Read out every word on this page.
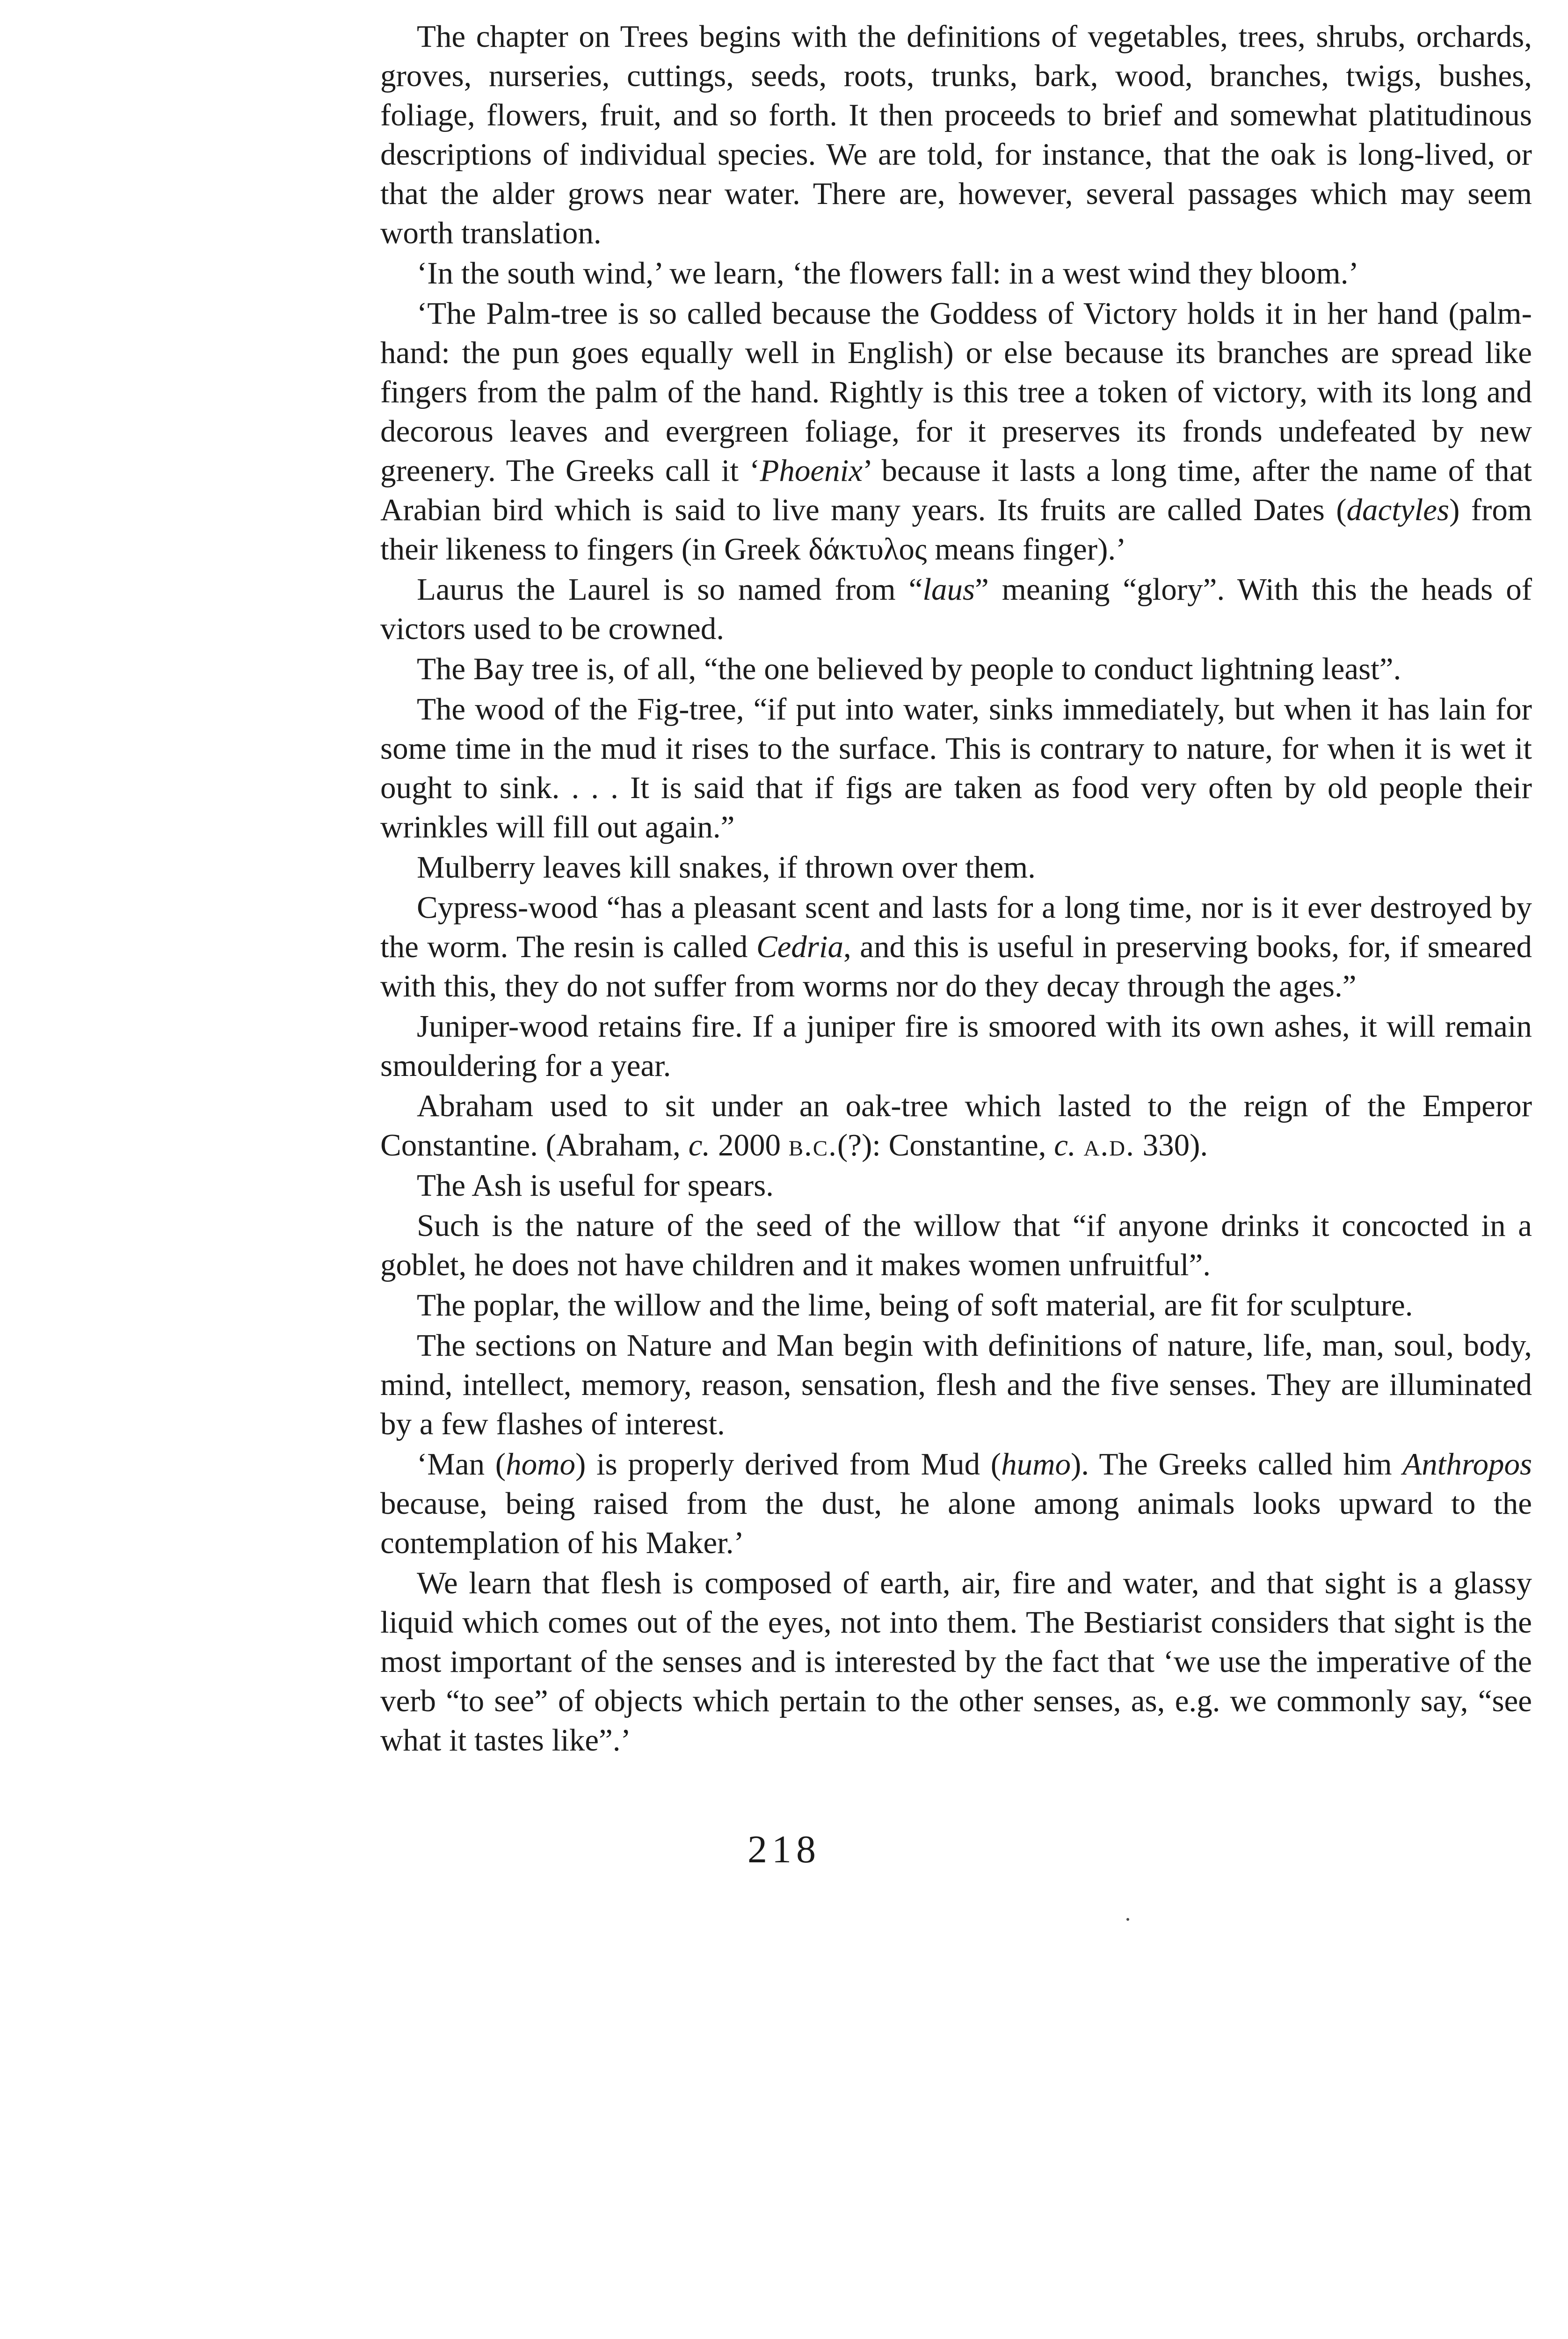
The chapter on Trees begins with the definitions of vegetables, trees, shrubs, orchards, groves, nurseries, cuttings, seeds, roots, trunks, bark, wood, branches, twigs, bushes, foliage, flowers, fruit, and so forth. It then proceeds to brief and somewhat platitudinous descriptions of individual species. We are told, for instance, that the oak is long-lived, or that the alder grows near water. There are, however, several passages which may seem worth translation.

‘In the south wind,’ we learn, ‘the flowers fall: in a west wind they bloom.’

‘The Palm-tree is so called because the Goddess of Victory holds it in her hand (palm-hand: the pun goes equally well in English) or else because its branches are spread like fingers from the palm of the hand. Rightly is this tree a token of victory, with its long and decorous leaves and evergreen foliage, for it preserves its fronds undefeated by new greenery. The Greeks call it ‘Phoenix’ because it lasts a long time, after the name of that Arabian bird which is said to live many years. Its fruits are called Dates (dactyles) from their likeness to fingers (in Greek δάκτυλος means finger).’

Laurus the Laurel is so named from “laus” meaning “glory”. With this the heads of victors used to be crowned.

The Bay tree is, of all, “the one believed by people to conduct lightning least”.

The wood of the Fig-tree, “if put into water, sinks immediately, but when it has lain for some time in the mud it rises to the surface. This is contrary to nature, for when it is wet it ought to sink. . . . It is said that if figs are taken as food very often by old people their wrinkles will fill out again.”

Mulberry leaves kill snakes, if thrown over them.

Cypress-wood “has a pleasant scent and lasts for a long time, nor is it ever destroyed by the worm. The resin is called Cedria, and this is useful in preserving books, for, if smeared with this, they do not suffer from worms nor do they decay through the ages.”

Juniper-wood retains fire. If a juniper fire is smoored with its own ashes, it will remain smouldering for a year.

Abraham used to sit under an oak-tree which lasted to the reign of the Emperor Constantine. (Abraham, c. 2000 b.c.(?): Constantine, c. a.d. 330).

The Ash is useful for spears.

Such is the nature of the seed of the willow that “if anyone drinks it concocted in a goblet, he does not have children and it makes women unfruitful”.

The poplar, the willow and the lime, being of soft material, are fit for sculpture.

The sections on Nature and Man begin with definitions of nature, life, man, soul, body, mind, intellect, memory, reason, sensation, flesh and the five senses. They are illuminated by a few flashes of interest.

‘Man (homo) is properly derived from Mud (humo). The Greeks called him Anthropos because, being raised from the dust, he alone among animals looks upward to the contemplation of his Maker.’

We learn that flesh is composed of earth, air, fire and water, and that sight is a glassy liquid which comes out of the eyes, not into them. The Bestiarist considers that sight is the most important of the senses and is interested by the fact that ‘we use the imperative of the verb “to see” of objects which pertain to the other senses, as, e.g. we commonly say, “see what it tastes like”.’

218
